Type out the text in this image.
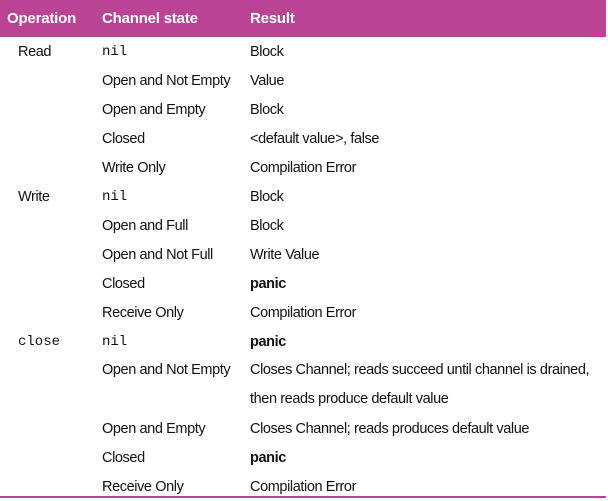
Operation	Channel state	Result
Read	nil	Block
	Open and Not Empty	Value
	Open and Empty	Block
	Closed	<default value>, false
	Write Only	Compilation Error
Write	nil	Block
	Open and Full	Block
	Open and Not Full	Write Value
	Closed	panic
	Receive Only	Compilation Error
close	nil	panic
	Open and Not Empty	Closes Channel; reads succeed until channel is drained, then reads produce default value
	Open and Empty	Closes Channel; reads produces default value
	Closed	panic
	Receive Only	Compilation Error
